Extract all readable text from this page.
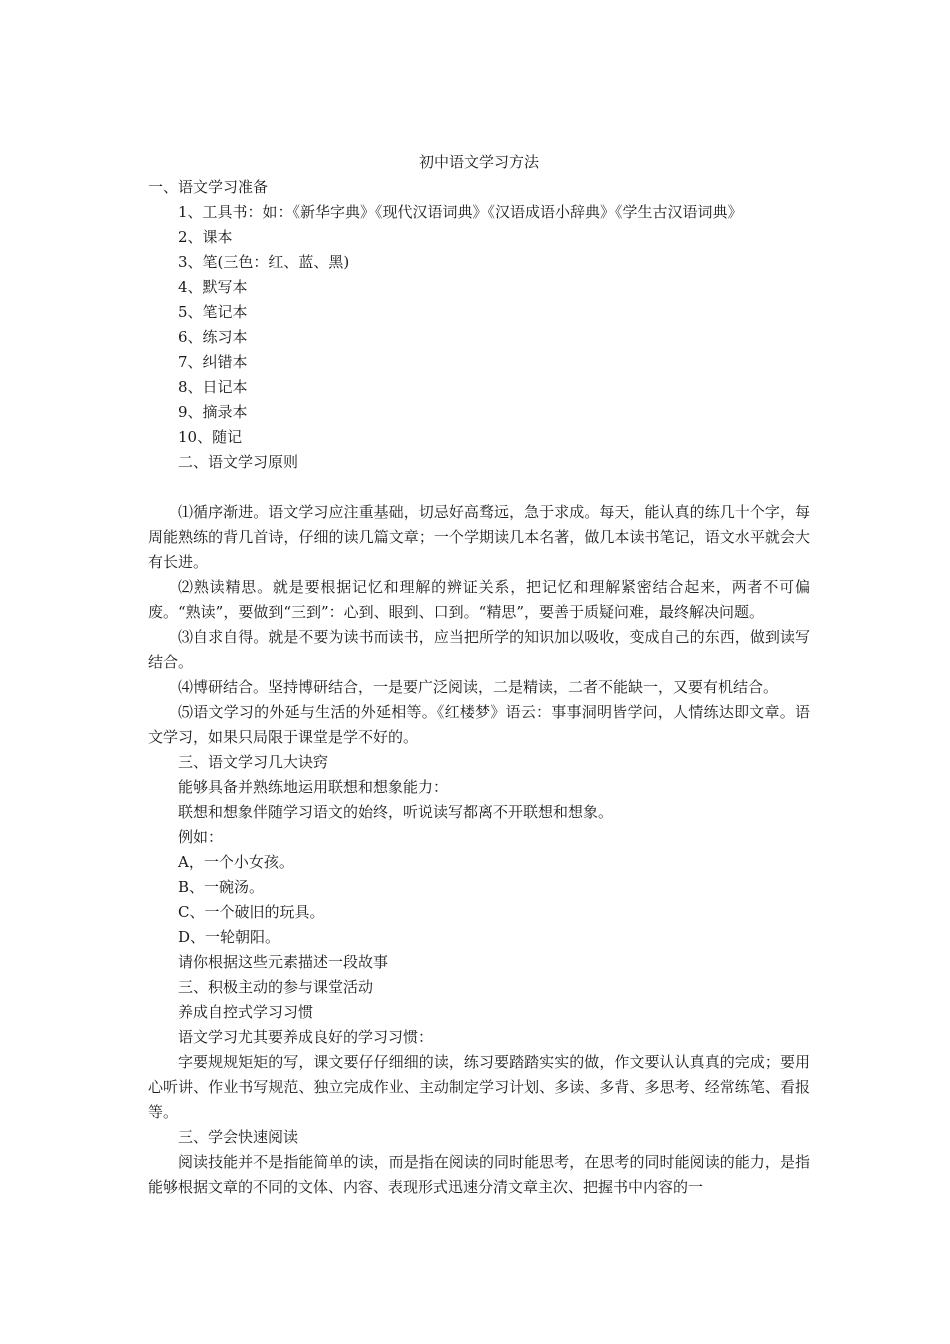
初中语文学习方法

一、语文学习准备

1、工具书：如：《新华字典》《现代汉语词典》《汉语成语小辞典》《学生古汉语词典》

2、课本

3、笔(三色：红、蓝、黑)

4、默写本

5、笔记本

6、练习本

7、纠错本

8、日记本

9、摘录本

10、随记

二、语文学习原则

⑴循序渐进。语文学习应注重基础，切忌好高骛远，急于求成。每天，能认真的练几十个字，每周能熟练的背几首诗，仔细的读几篇文章；一个学期读几本名著，做几本读书笔记，语文水平就会大有长进。

⑵熟读精思。就是要根据记忆和理解的辨证关系，把记忆和理解紧密结合起来，两者不可偏废。“熟读”，要做到“三到”：心到、眼到、口到。“精思”，要善于质疑问难，最终解决问题。

⑶自求自得。就是不要为读书而读书，应当把所学的知识加以吸收，变成自己的东西，做到读写结合。

⑷博研结合。坚持博研结合，一是要广泛阅读，二是精读，二者不能缺一，又要有机结合。

⑸语文学习的外延与生活的外延相等。《红楼梦》语云：事事洞明皆学问，人情练达即文章。语文学习，如果只局限于课堂是学不好的。

三、语文学习几大诀窍

能够具备并熟练地运用联想和想象能力：

联想和想象伴随学习语文的始终，听说读写都离不开联想和想象。

例如：

A，一个小女孩。

B、一碗汤。

C、一个破旧的玩具。

D、一轮朝阳。

请你根据这些元素描述一段故事

三、积极主动的参与课堂活动

养成自控式学习习惯

语文学习尤其要养成良好的学习习惯：

字要规规矩矩的写，课文要仔仔细细的读，练习要踏踏实实的做，作文要认认真真的完成；要用心听讲、作业书写规范、独立完成作业、主动制定学习计划、多读、多背、多思考、经常练笔、看报等。

三、学会快速阅读

阅读技能并不是指能简单的读，而是指在阅读的同时能思考，在思考的同时能阅读的能力，是指能够根据文章的不同的文体、内容、表现形式迅速分清文章主次、把握书中内容的一
